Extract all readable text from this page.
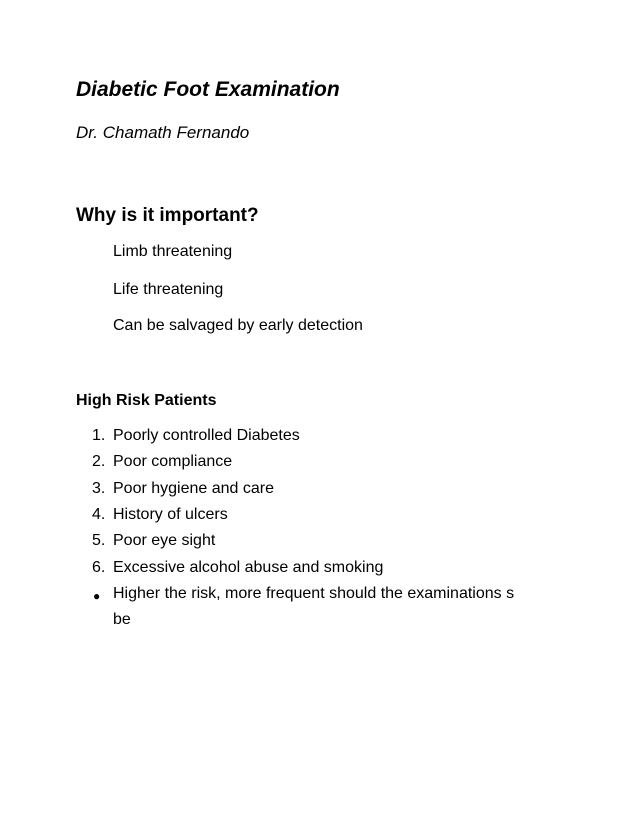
Diabetic Foot Examination
Dr. Chamath Fernando
Why is it important?
Limb threatening
Life threatening
Can be salvaged by early detection
High Risk Patients
1. Poorly controlled Diabetes
2. Poor compliance
3. Poor hygiene and care
4. History of ulcers
5. Poor eye sight
6. Excessive alcohol abuse and smoking
● Higher the risk, more frequent should the examinations s
be
